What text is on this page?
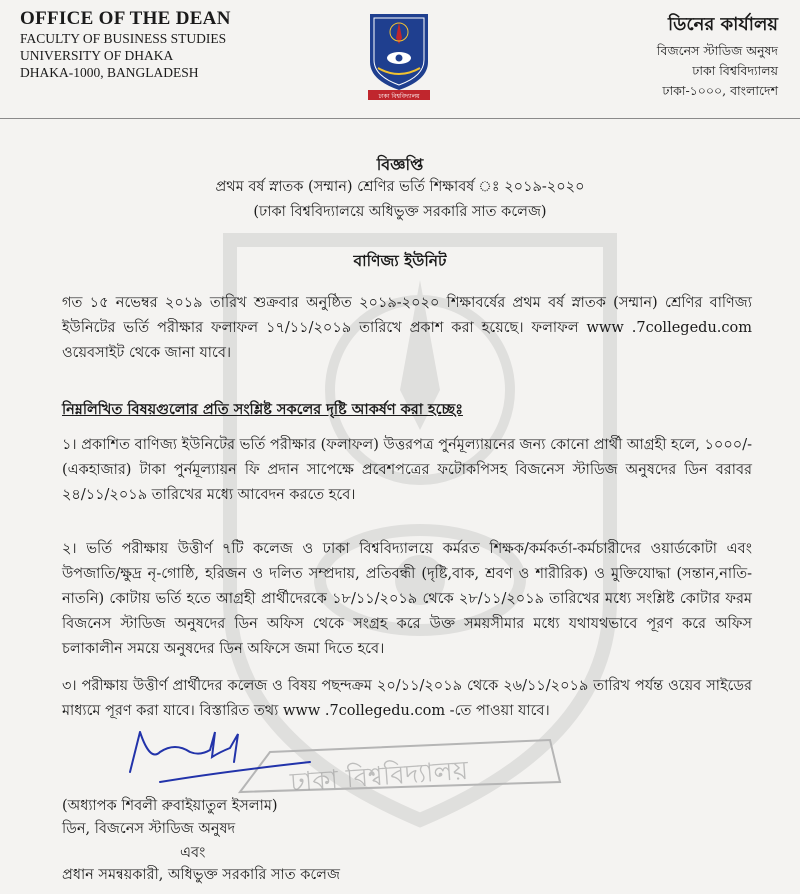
OFFICE OF THE DEAN
FACULTY OF BUSINESS STUDIES
UNIVERSITY OF DHAKA
DHAKA-1000, BANGLADESH
ঢাকা বিশ্ববিদ্যালয়
ডিনের কার্যালয়
বিজনেস স্টাডিজ অনুষদ
ঢাকা বিশ্ববিদ্যালয়
ঢাকা-১০০০, বাংলাদেশ
বিজ্ঞপ্তি
প্রথম বর্ষ স্নাতক (সম্মান) শ্রেণির ভর্তি শিক্ষাবর্ষ ঃ ২০১৯-২০২০
(ঢাকা বিশ্ববিদ্যালয়ে অধিভুক্ত সরকারি সাত কলেজ)
বাণিজ্য ইউনিট
গত ১৫ নভেম্বর ২০১৯ তারিখ শুক্রবার অনুষ্ঠিত ২০১৯-২০২০ শিক্ষাবর্ষের প্রথম বর্ষ স্নাতক (সম্মান) শ্রেণির বাণিজ্য ইউনিটের ভর্তি পরীক্ষার ফলাফল ১৭/১১/২০১৯ তারিখে প্রকাশ করা হয়েছে। ফলাফল www .7collegedu.com ওয়েবসাইট থেকে জানা যাবে।
নিম্নলিখিত বিষয়গুলোর প্রতি সংশ্লিষ্ট সকলের দৃষ্টি আকর্ষণ করা হচ্ছেঃ
১। প্রকাশিত বাণিজ্য ইউনিটের ভর্তি পরীক্ষার (ফলাফল) উত্তরপত্র পুর্নমূল্যায়নের জন্য কোনো প্রার্থী আগ্রহী হলে, ১০০০/-(একহাজার) টাকা পুর্নমূল্যায়ন ফি প্রদান সাপেক্ষে প্রবেশপত্রের ফটোকপিসহ বিজনেস স্টাডিজ অনুষদের ডিন বরাবর ২৪/১১/২০১৯ তারিখের মধ্যে আবেদন করতে হবে।
২। ভর্তি পরীক্ষায় উত্তীর্ণ ৭টি কলেজ ও ঢাকা বিশ্ববিদ্যালয়ে কর্মরত শিক্ষক/কর্মকর্তা-কর্মচারীদের ওয়ার্ডকোটা এবং উপজাতি/ক্ষুদ্র নৃ-গোষ্ঠি, হরিজন ও দলিত সম্প্রদায়, প্রতিবন্ধী (দৃষ্টি,বাক, শ্রবণ ও শারীরিক) ও মুক্তিযোদ্ধা (সন্তান,নাতি-নাতনি) কোটায় ভর্তি হতে আগ্রহী প্রার্থীদেরকে ১৮/১১/২০১৯ থেকে ২৮/১১/২০১৯ তারিখের মধ্যে সংশ্লিষ্ট কোটার ফরম বিজনেস স্টাডিজ অনুষদের ডিন অফিস থেকে সংগ্রহ করে উক্ত সময়সীমার মধ্যে যথাযথভাবে পূরণ করে অফিস চলাকালীন সময়ে অনুষদের ডিন অফিসে জমা দিতে হবে।
৩। পরীক্ষায় উত্তীর্ণ প্রার্থীদের কলেজ ও বিষয় পছন্দক্রম ২০/১১/২০১৯ থেকে ২৬/১১/২০১৯ তারিখ পর্যন্ত ওয়েব সাইডের মাধ্যমে পূরণ করা যাবে। বিস্তারিত তথ্য www .7collegedu.com -তে পাওয়া যাবে।
ঢাকা বিশ্ববিদ্যালয়
(অধ্যাপক শিবলী রুবাইয়াতুল ইসলাম)
ডিন, বিজনেস স্টাডিজ অনুষদ
এবং
প্রধান সমন্বয়কারী, অধিভুক্ত সরকারি সাত কলেজ
